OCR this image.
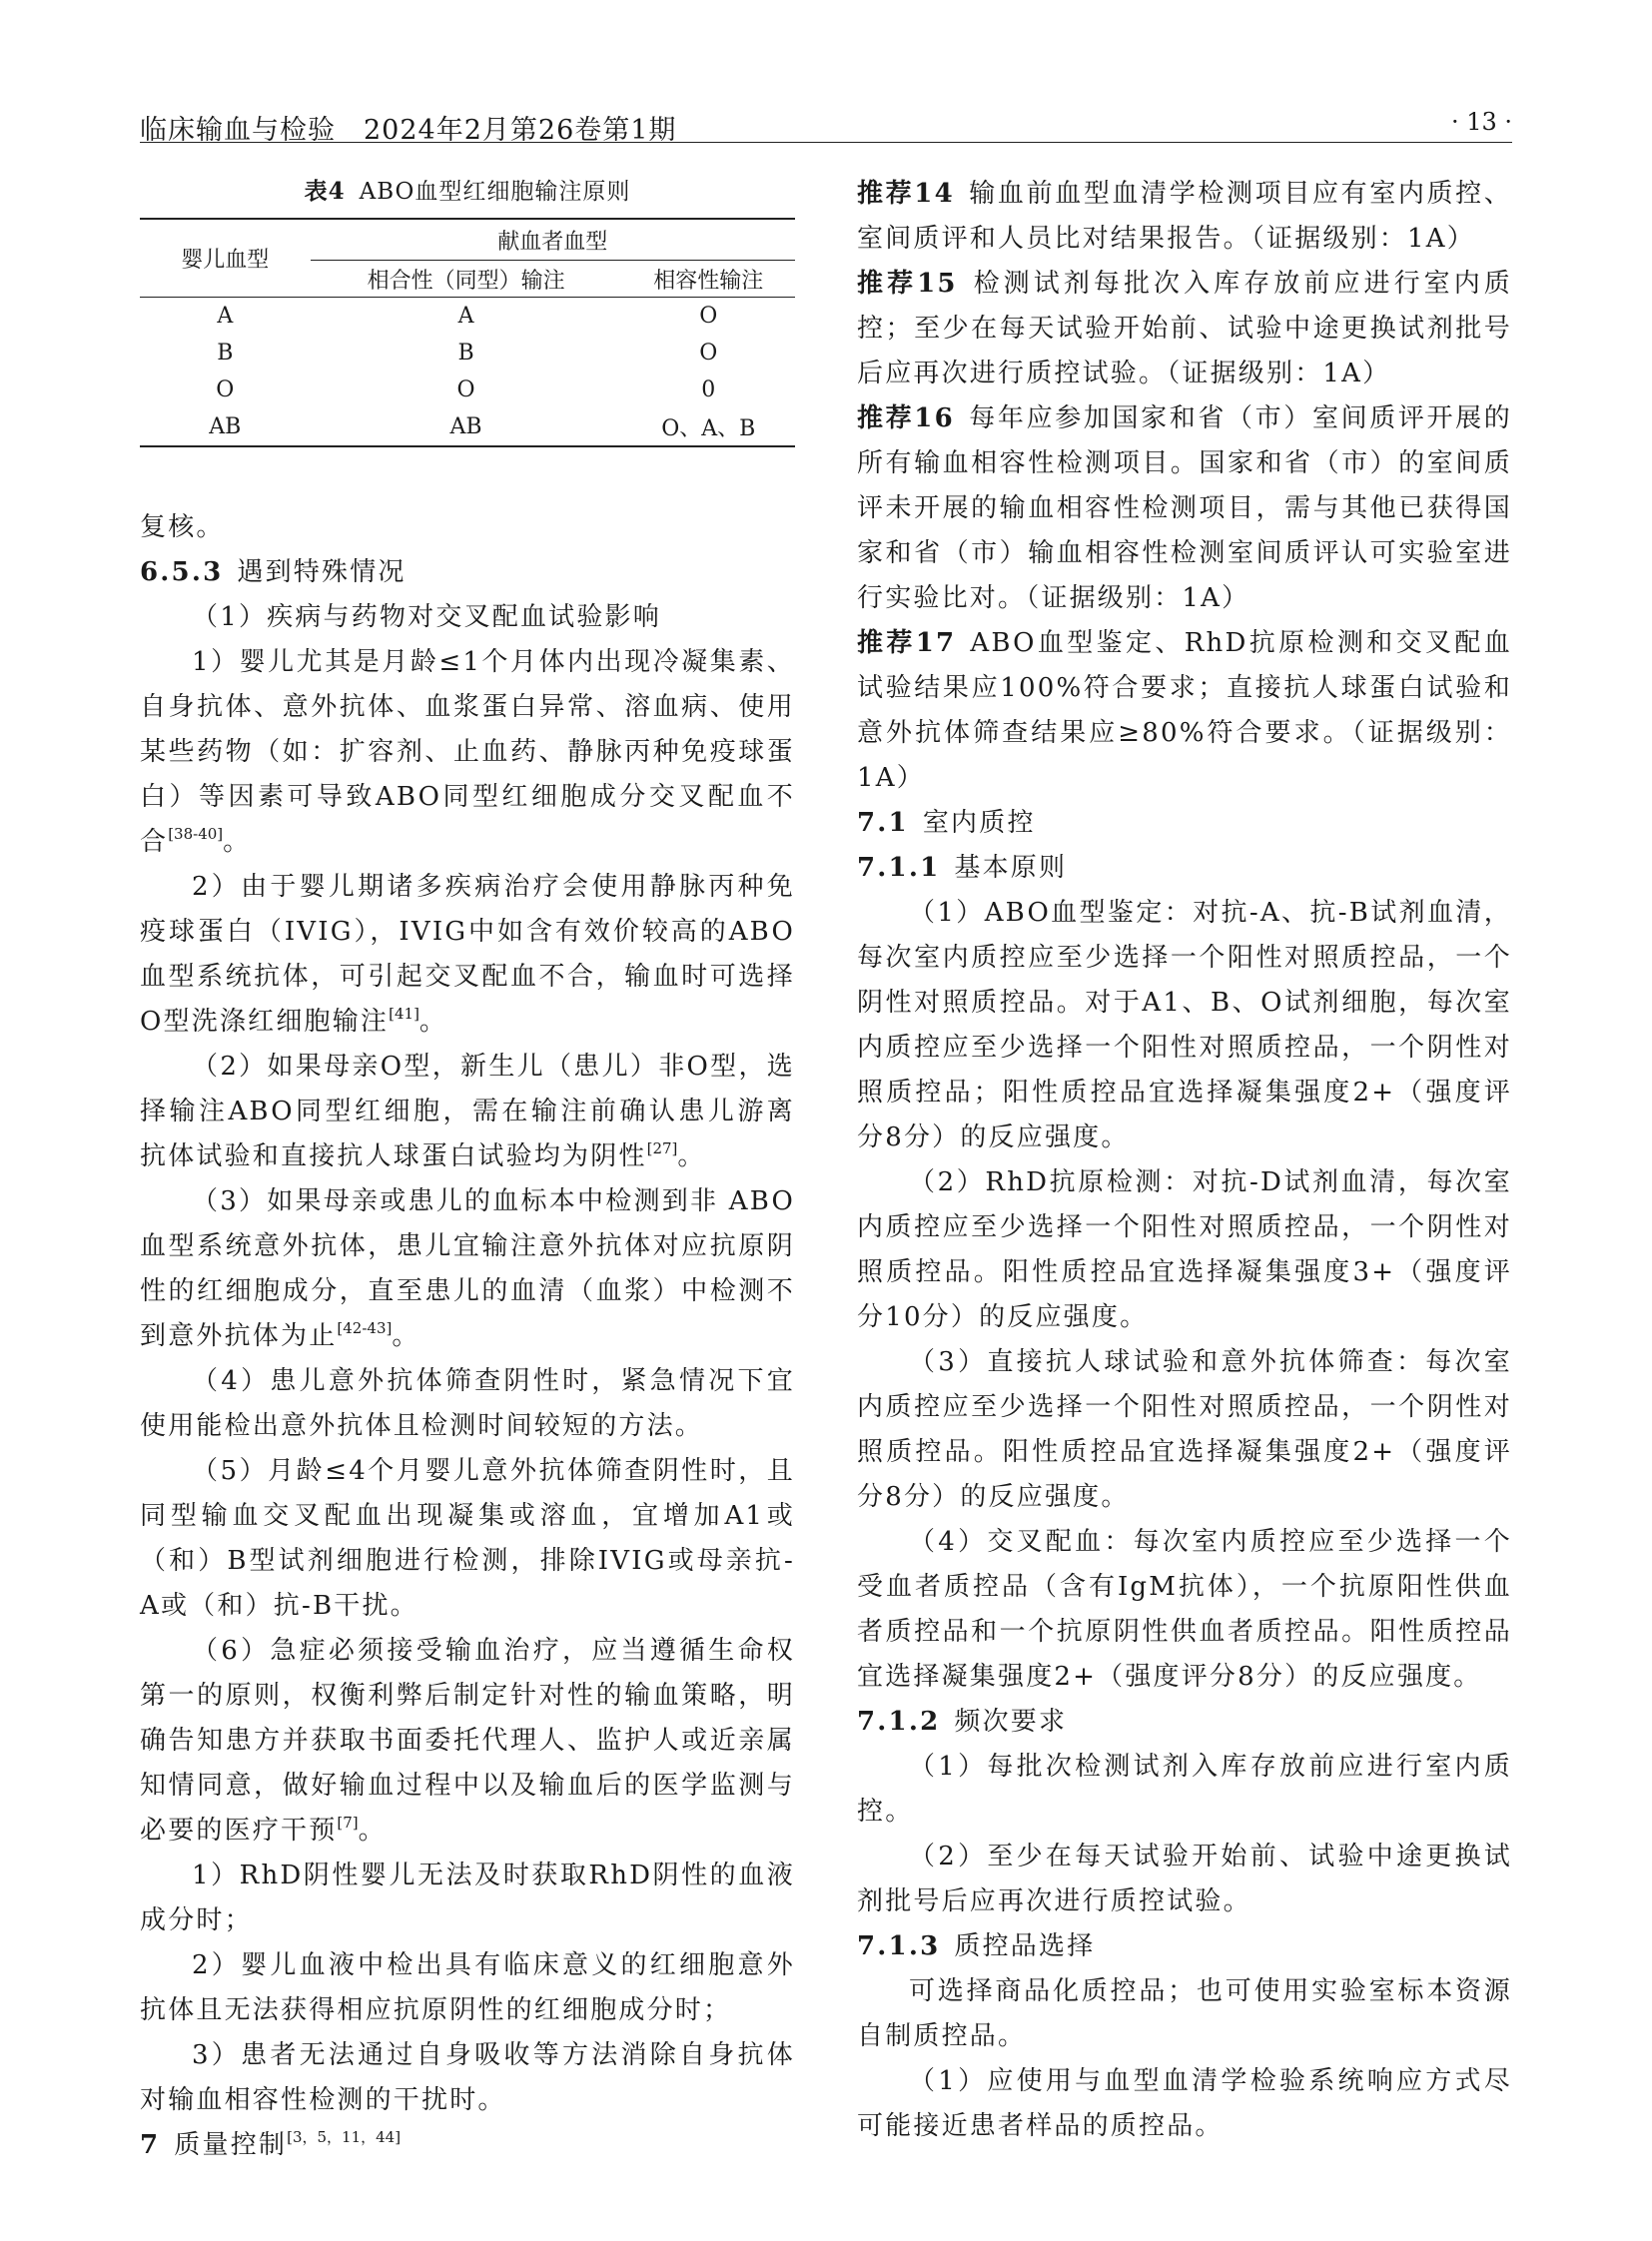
临床输血与检验　2024年2月第26卷第1期	· 13 ·
表4 ABO血型红细胞输注原则
婴儿血型	献血者血型	
	相合性（同型）输注	相容性输注
A	A	O
B	B	O
O	O	0
AB	AB	O、A、B

复核。

6.5.3 遇到特殊情况

（1）疾病与药物对交叉配血试验影响

1）婴儿尤其是月龄≤1个月体内出现冷凝集素、自身抗体、意外抗体、血浆蛋白异常、溶血病、使用某些药物（如：扩容剂、止血药、静脉丙种免疫球蛋白）等因素可导致ABO同型红细胞成分交叉配血不合[38-40]。

2）由于婴儿期诸多疾病治疗会使用静脉丙种免疫球蛋白（IVIG），IVIG中如含有效价较高的ABO血型系统抗体，可引起交叉配血不合，输血时可选择O型洗涤红细胞输注[41]。

（2）如果母亲O型，新生儿（患儿）非O型，选择输注ABO同型红细胞，需在输注前确认患儿游离抗体试验和直接抗人球蛋白试验均为阴性[27]。

（3）如果母亲或患儿的血标本中检测到非 ABO血型系统意外抗体，患儿宜输注意外抗体对应抗原阴性的红细胞成分，直至患儿的血清（血浆）中检测不到意外抗体为止[42-43]。

（4）患儿意外抗体筛查阴性时，紧急情况下宜使用能检出意外抗体且检测时间较短的方法。

（5）月龄≤4个月婴儿意外抗体筛查阴性时，且同型输血交叉配血出现凝集或溶血，宜增加A1或（和）B型试剂细胞进行检测，排除IVIG或母亲抗-A或（和）抗-B干扰。

（6）急症必须接受输血治疗，应当遵循生命权第一的原则，权衡利弊后制定针对性的输血策略，明确告知患方并获取书面委托代理人、监护人或近亲属知情同意，做好输血过程中以及输血后的医学监测与必要的医疗干预[7]。

1）RhD阴性婴儿无法及时获取RhD阴性的血液成分时；

2）婴儿血液中检出具有临床意义的红细胞意外抗体且无法获得相应抗原阴性的红细胞成分时；

3）患者无法通过自身吸收等方法消除自身抗体对输血相容性检测的干扰时。

7 质量控制[3，5，11，44]

推荐14 输血前血型血清学检测项目应有室内质控、室间质评和人员比对结果报告。（证据级别：1A）

推荐15 检测试剂每批次入库存放前应进行室内质控；至少在每天试验开始前、试验中途更换试剂批号后应再次进行质控试验。（证据级别：1A）

推荐16 每年应参加国家和省（市）室间质评开展的所有输血相容性检测项目。国家和省（市）的室间质评未开展的输血相容性检测项目，需与其他已获得国家和省（市）输血相容性检测室间质评认可实验室进行实验比对。（证据级别：1A）

推荐17 ABO血型鉴定、RhD抗原检测和交叉配血试验结果应100%符合要求；直接抗人球蛋白试验和意外抗体筛查结果应≥80%符合要求。（证据级别：1A）

7.1 室内质控

7.1.1 基本原则

（1）ABO血型鉴定：对抗-A、抗-B试剂血清，每次室内质控应至少选择一个阳性对照质控品，一个阴性对照质控品。对于A1、B、O试剂细胞，每次室内质控应至少选择一个阳性对照质控品，一个阴性对照质控品；阳性质控品宜选择凝集强度2+（强度评分8分）的反应强度。

（2）RhD抗原检测：对抗-D试剂血清，每次室内质控应至少选择一个阳性对照质控品，一个阴性对照质控品。阳性质控品宜选择凝集强度3+（强度评分10分）的反应强度。

（3）直接抗人球试验和意外抗体筛查：每次室内质控应至少选择一个阳性对照质控品，一个阴性对照质控品。阳性质控品宜选择凝集强度2+（强度评分8分）的反应强度。

（4）交叉配血：每次室内质控应至少选择一个受血者质控品（含有IgM抗体），一个抗原阳性供血者质控品和一个抗原阴性供血者质控品。阳性质控品宜选择凝集强度2+（强度评分8分）的反应强度。

7.1.2 频次要求

（1）每批次检测试剂入库存放前应进行室内质控。

（2）至少在每天试验开始前、试验中途更换试剂批号后应再次进行质控试验。

7.1.3 质控品选择

可选择商品化质控品；也可使用实验室标本资源自制质控品。

（1）应使用与血型血清学检验系统响应方式尽可能接近患者样品的质控品。
